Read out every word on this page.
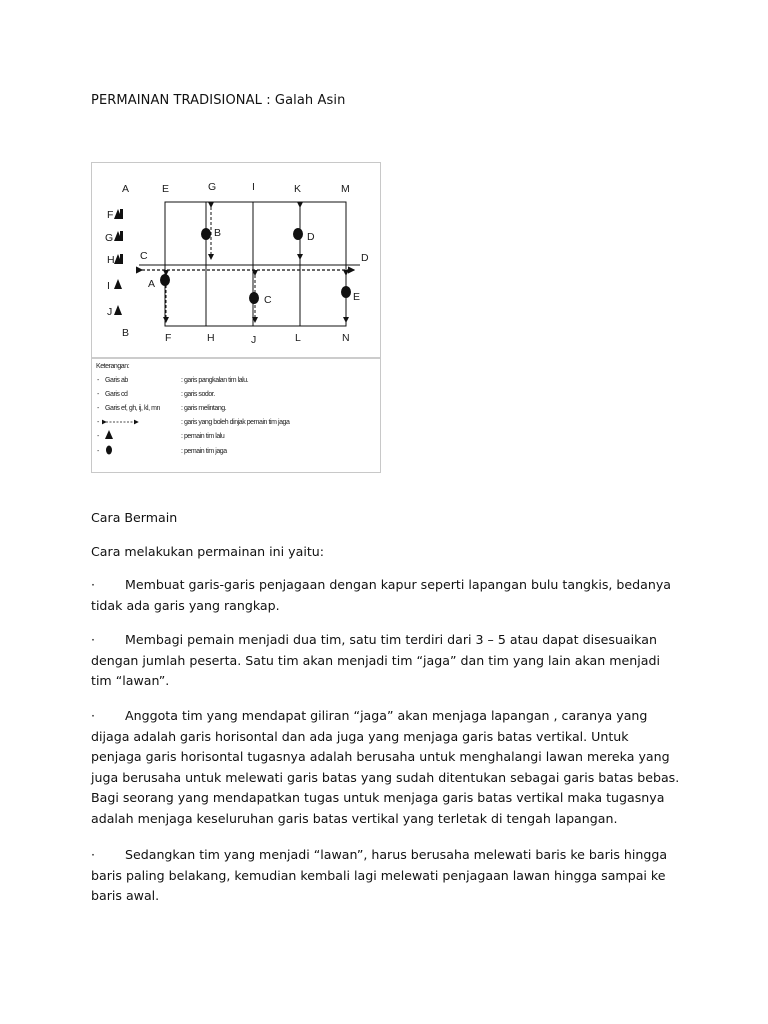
PERMAINAN TRADISIONAL : Galah Asin
A	E	G	I	K	M
F
G
H
I
J
C	D
B	D
A
C	E
B	F	H	J	L	N
Keterangan:
- Garis ab	: garis pangkalan tim lalu.
- Garis cd	: garis sodor.
- Garis ef, gh, ij, kl, mn	: garis melintang.
-	: garis yang boleh dinjak pemain tim jaga
-	: pemain tim lalu
-	: pemain tim jaga
Cara Bermain
Cara melakukan permainan ini yaitu:
· Membuat garis-garis penjagaan dengan kapur seperti lapangan bulu tangkis, bedanya tidak ada garis yang rangkap.
· Membagi pemain menjadi dua tim, satu tim terdiri dari 3 – 5 atau dapat disesuaikan dengan jumlah peserta. Satu tim akan menjadi tim “jaga” dan tim yang lain akan menjadi tim “lawan”.
· Anggota tim yang mendapat giliran “jaga” akan menjaga lapangan , caranya yang dijaga adalah garis horisontal dan ada juga yang menjaga garis batas vertikal. Untuk penjaga garis horisontal tugasnya adalah berusaha untuk menghalangi lawan mereka yang juga berusaha untuk melewati garis batas yang sudah ditentukan sebagai garis batas bebas. Bagi seorang yang mendapatkan tugas untuk menjaga garis batas vertikal maka tugasnya adalah menjaga keseluruhan garis batas vertikal yang terletak di tengah lapangan.
· Sedangkan tim yang menjadi “lawan”, harus berusaha melewati baris ke baris hingga baris paling belakang, kemudian kembali lagi melewati penjagaan lawan hingga sampai ke baris awal.
